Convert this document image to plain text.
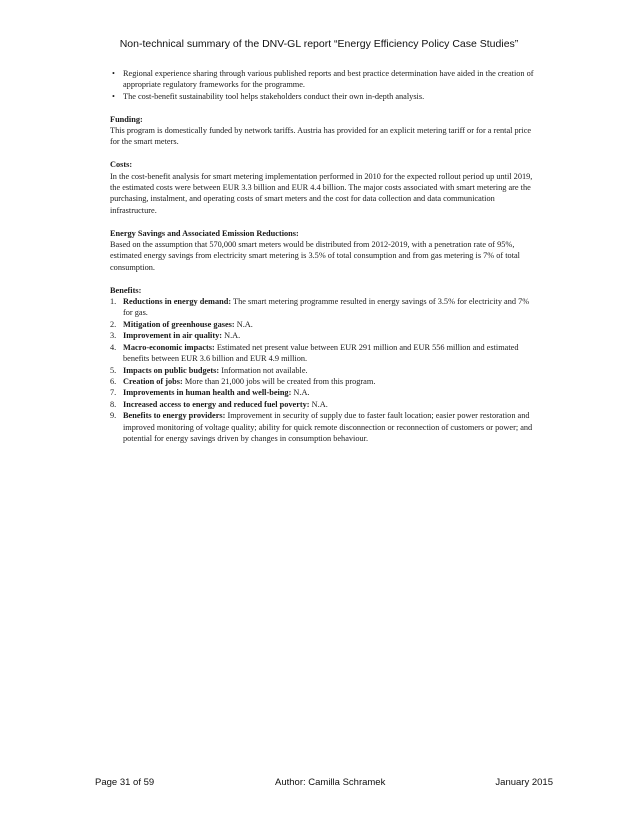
Non-technical summary of the DNV-GL report “Energy Efficiency Policy Case Studies”
• Regional experience sharing through various published reports and best practice determination have aided in the creation of appropriate regulatory frameworks for the programme.
• The cost-benefit sustainability tool helps stakeholders conduct their own in-depth analysis.
Funding:
This program is domestically funded by network tariffs. Austria has provided for an explicit metering tariff or for a rental price for the smart meters.
Costs:
In the cost-benefit analysis for smart metering implementation performed in 2010 for the expected rollout period up until 2019, the estimated costs were between EUR 3.3 billion and EUR 4.4 billion. The major costs associated with smart metering are the purchasing, instalment, and operating costs of smart meters and the cost for data collection and data communication infrastructure.
Energy Savings and Associated Emission Reductions:
Based on the assumption that 570,000 smart meters would be distributed from 2012-2019, with a penetration rate of 95%, estimated energy savings from electricity smart metering is 3.5% of total consumption and from gas metering is 7% of total consumption.
Benefits:
1. Reductions in energy demand: The smart metering programme resulted in energy savings of 3.5% for electricity and 7% for gas.
2. Mitigation of greenhouse gases: N.A.
3. Improvement in air quality: N.A.
4. Macro-economic impacts: Estimated net present value between EUR 291 million and EUR 556 million and estimated benefits between EUR 3.6 billion and EUR 4.9 million.
5. Impacts on public budgets: Information not available.
6. Creation of jobs: More than 21,000 jobs will be created from this program.
7. Improvements in human health and well-being: N.A.
8. Increased access to energy and reduced fuel poverty: N.A.
9. Benefits to energy providers: Improvement in security of supply due to faster fault location; easier power restoration and improved monitoring of voltage quality; ability for quick remote disconnection or reconnection of customers or power; and potential for energy savings driven by changes in consumption behaviour.
Page 31 of 59	Author: Camilla Schramek	January 2015
